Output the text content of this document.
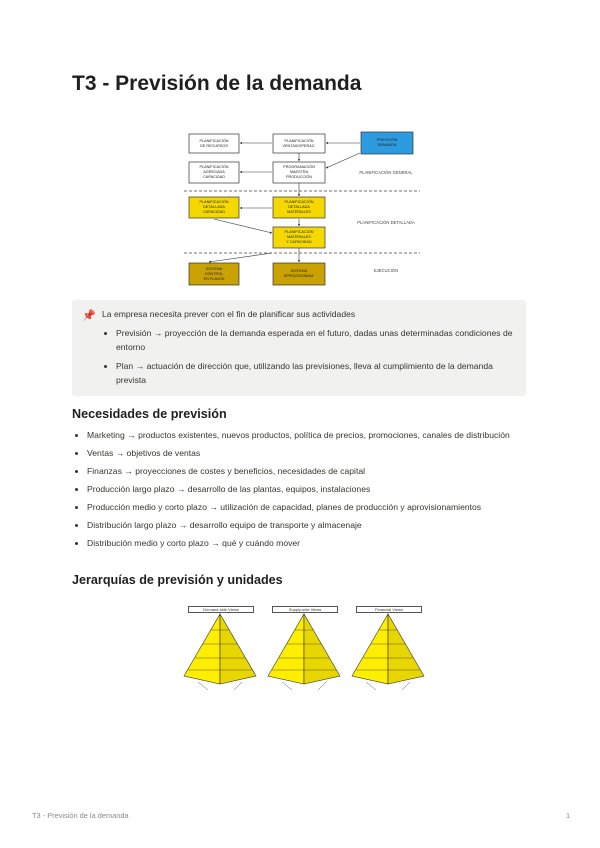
T3 - Previsión de la demanda
PLANIFICACIÓN
DE RECURSOS
PLANIFICACIÓN
VENTAS/OPERAC.
PREVISIÓN
DEMANDA
PLANIFICACIÓN
AGREGADA
CAPACIDAD
PROGRAMACIÓN
MAESTRA
PRODUCCIÓN
PLANIFICACIÓN GENERAL
PLANIFICACIÓN
DETALLADA
CAPACIDAD
PLANIFICACIÓN
DETALLADA
MATERIALES
PLANIFICACIÓN DETALLADA
PLANIFICACIÓN
MATERIALES
Y CAPACIDAD
SISTEMA
CONTROL
EN PLANTA
SISTEMA
APROVISIONAM.
EJECUCIÓN
📌 La empresa necesita prever con el fin de planificar sus actividades

• Previsión → proyección de la demanda esperada en el futuro, dadas unas determinadas condiciones de entorno
• Plan → actuación de dirección que, utilizando las previsiones, lleva al cumplimiento de la demanda prevista
Necesidades de previsión
• Marketing → productos existentes, nuevos productos, política de precios, promociones, canales de distribución
• Ventas → objetivos de ventas
• Finanzas → proyecciones de costes y beneficios, necesidades de capital
• Producción largo plazo → desarrollo de las plantas, equipos, instalaciones
• Producción medio y corto plazo → utilización de capacidad, planes de producción y aprovisionamientos
• Distribución largo plazo → desarrollo equipo de transporte y almacenaje
• Distribución medio y corto plazo → qué y cuándo mover
Jerarquías de previsión y unidades
Demand-side Views	Supply-side Views	Financial Views

T3 - Previsión de la demanda	1
